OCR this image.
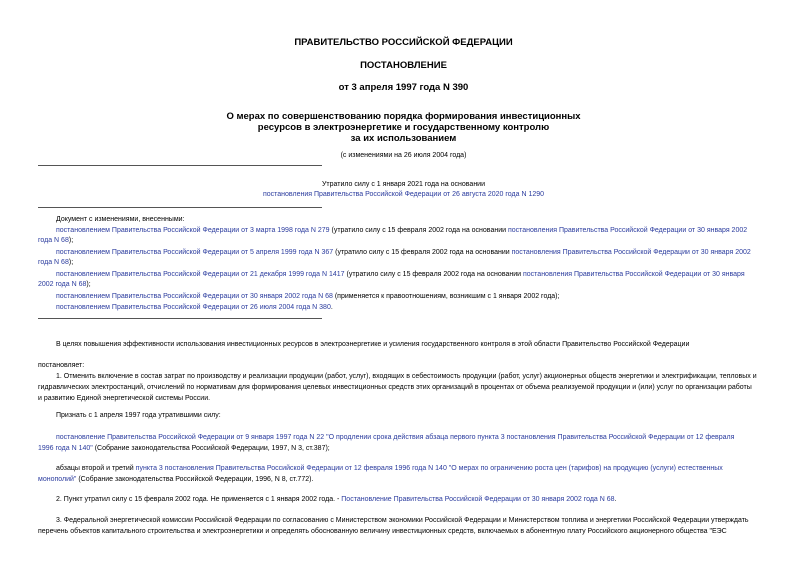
ПРАВИТЕЛЬСТВО РОССИЙСКОЙ ФЕДЕРАЦИИ
ПОСТАНОВЛЕНИЕ
от 3 апреля 1997 года N 390
О мерах по совершенствованию порядка формирования инвестиционных
ресурсов в электроэнергетике и государственному контролю
за их использованием
(с изменениями на 26 июля 2004 года)
Утратило силу с 1 января 2021 года на основании
постановления Правительства Российской Федерации от 26 августа 2020 года N 1290
Документ с изменениями, внесенными:
постановлением Правительства Российской Федерации от 3 марта 1998 года N 279 (утратило силу с 15 февраля 2002 года на основании постановления Правительства Российской Федерации от 30 января 2002
года N 68);
постановлением Правительства Российской Федерации от 5 апреля 1999 года N 367 (утратило силу с 15 февраля 2002 года на основании постановления Правительства Российской Федерации от 30 января 2002
года N 68);
постановлением Правительства Российской Федерации от 21 декабря 1999 года N 1417 (утратило силу с 15 февраля 2002 года на основании постановления Правительства Российской Федерации от 30 января
2002 года N 68);
постановлением Правительства Российской Федерации от 30 января 2002 года N 68 (применяется к правоотношениям, возникшим с 1 января 2002 года);
постановлением Правительства Российской Федерации от 26 июля 2004 года N 380.
В целях повышения эффективности использования инвестиционных ресурсов в электроэнергетике и усиления государственного контроля в этой области Правительство Российской Федерации
постановляет:
1. Отменить включение в состав затрат по производству и реализации продукции (работ, услуг), входящих в себестоимость продукции (работ, услуг) акционерных обществ энергетики и электрификации, тепловых и
гидравлических электростанций, отчислений по нормативам для формирования целевых инвестиционных средств этих организаций в процентах от объема реализуемой продукции и (или) услуг по организации работы
и развитию Единой энергетической системы России.
Признать с 1 апреля 1997 года утратившими силу:
постановление Правительства Российской Федерации от 9 января 1997 года N 22 "О продлении срока действия абзаца первого пункта 3 постановления Правительства Российской Федерации от 12 февраля
1996 года N 140" (Собрание законодательства Российской Федерации, 1997, N 3, ст.387);
абзацы второй и третий пункта 3 постановления Правительства Российской Федерации от 12 февраля 1996 года N 140 "О мерах по ограничению роста цен (тарифов) на продукцию (услуги) естественных
монополий" (Собрание законодательства Российской Федерации, 1996, N 8, ст.772).
2. Пункт утратил силу с 15 февраля 2002 года. Не применяется с 1 января 2002 года. - Постановление Правительства Российской Федерации от 30 января 2002 года N 68.
3. Федеральной энергетической комиссии Российской Федерации по согласованию с Министерством экономики Российской Федерации и Министерством топлива и энергетики Российской Федерации утверждать
перечень объектов капитального строительства и электроэнергетики и определять обоснованную величину инвестиционных средств, включаемых в абонентную плату Российского акционерного общества "ЕЭС
